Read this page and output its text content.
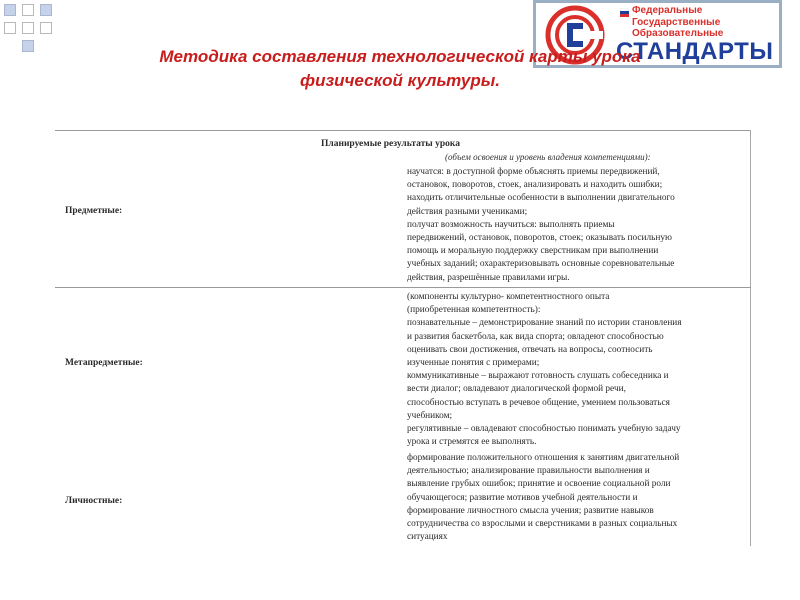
Федеральные
Государственные
Образовательные
СТАНДАРТЫ
Методика составления технологической карты урока
физической культуры.
Планируемые результаты урока
(объем освоения и уровень владения компетенциями):
Предметные:
Метапредметные:
Личностные:

научатся: в доступной форме объяснять приемы передвижений,

остановок, поворотов, стоек, анализировать и находить ошибки;

находить отличительные особенности в выполнении двигательного

действия разными учениками;

получат возможность научиться: выполнять приемы

передвижений, остановок, поворотов, стоек; оказывать посильную

помощь и моральную поддержку сверстникам при выполнении

учебных заданий; охарактеризовывать основные соревновательные

действия, разрешённые правилами игры.

(компоненты культурно- компетентностного опыта

(приобретенная компетентность):

познавательные – демонстрирование знаний по истории становления

и развития баскетбола, как вида спорта; овладеют способностью

оценивать свои достижения, отвечать на вопросы, соотносить

изученные понятия с примерами;

коммуникативные – выражают готовность слушать собеседника и

вести диалог; овладевают диалогической формой речи,

способностью вступать в речевое общение, умением пользоваться

учебником;

регулятивные – овладевают способностью понимать учебную задачу

урока и стремятся ее выполнять.

формирование положительного отношения к занятиям двигательной

деятельностью; анализирование правильности выполнения и

выявление грубых ошибок; принятие и освоение социальной роли

обучающегося; развитие мотивов учебной деятельности и

формирование личностного смысла учения; развитие навыков

сотрудничества со взрослыми и сверстниками в разных социальных

ситуациях
